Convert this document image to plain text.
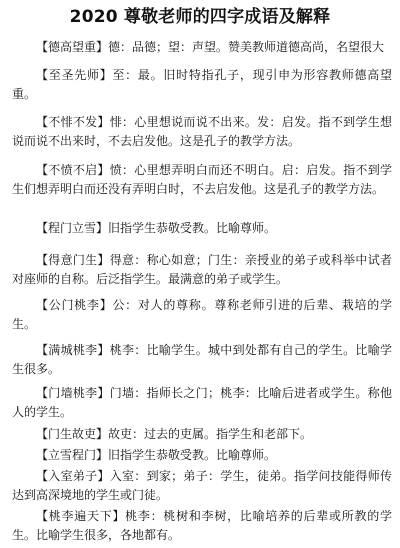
2020 尊敬老师的四字成语及解释
【德高望重】德：品德；望：声望。赞美教师道德高尚，名望很大
【至圣先师】至：最。旧时特指孔子，现引申为形容教师德高望重。
【不悱不发】悱：心里想说而说不出来。发：启发。指不到学生想说而说不出来时，不去启发他。这是孔子的教学方法。
【不愤不启】愤：心里想弄明白而还不明白。启：启发。指不到学生们想弄明白而还没有弄明白时，不去启发他。这是孔子的教学方法。
【程门立雪】旧指学生恭敬受教。比喻尊师。
【得意门生】得意：称心如意；门生：亲授业的弟子或科举中试者对座师的自称。后泛指学生。最满意的弟子或学生。
【公门桃李】公：对人的尊称。尊称老师引进的后辈、栽培的学生。
【满城桃李】桃李：比喻学生。城中到处都有自己的学生。比喻学生很多。
【门墙桃李】门墙：指师长之门；桃李：比喻后进者或学生。称他人的学生。
【门生故吏】故吏：过去的吏属。指学生和老部下。
【立雪程门】旧指学生恭敬受教。比喻尊师。
【入室弟子】入室：到家；弟子：学生，徒弟。指学问技能得师传达到高深境地的学生或门徒。
【桃李遍天下】桃李：桃树和李树，比喻培养的后辈或所教的学生。比喻学生很多，各地都有。
